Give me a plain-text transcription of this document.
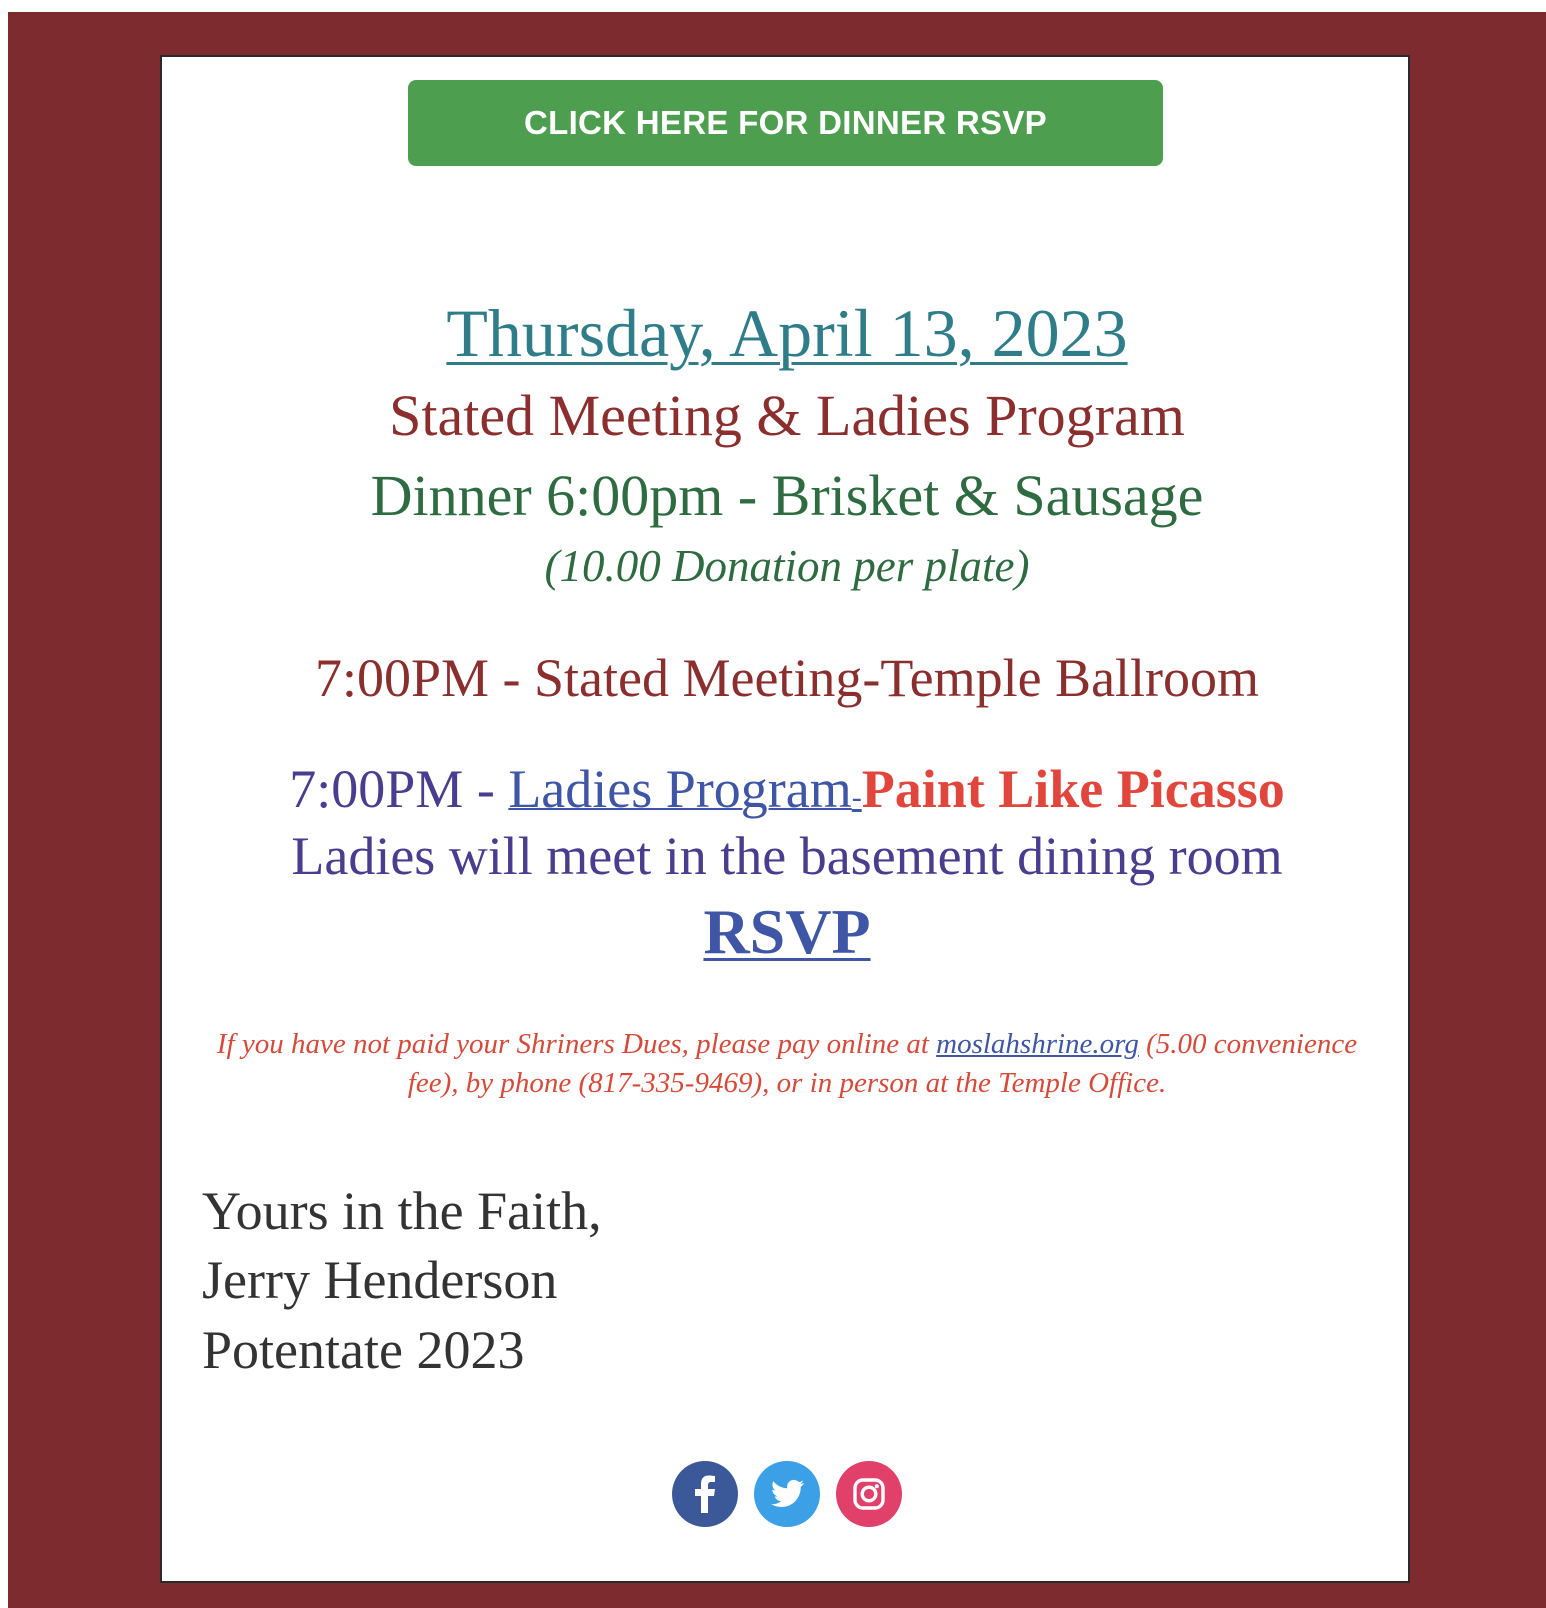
CLICK HERE FOR DINNER RSVP
Thursday, April 13, 2023
Stated Meeting & Ladies Program
Dinner 6:00pm - Brisket & Sausage
(10.00 Donation per plate)
7:00PM - Stated Meeting-Temple Ballroom
7:00PM - Ladies Program-Paint Like Picasso
Ladies will meet in the basement dining room
RSVP
If you have not paid your Shriners Dues, please pay online at moslahshrine.org (5.00 convenience fee), by phone (817-335-9469), or in person at the Temple Office.
Yours in the Faith,
Jerry Henderson
Potentate 2023
